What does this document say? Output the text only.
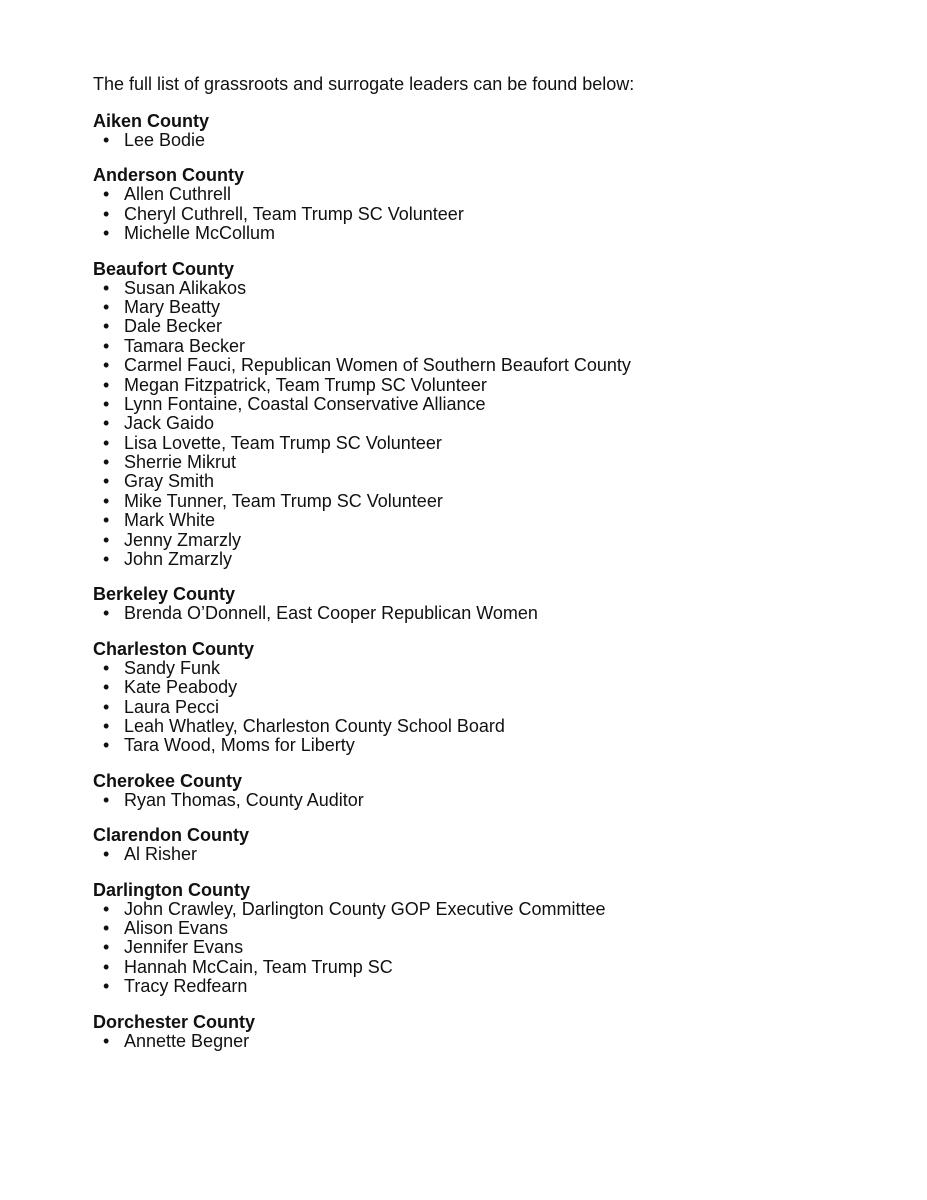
The full list of grassroots and surrogate leaders can be found below:

Aiken County

• Lee Bodie

Anderson County

• Allen Cuthrell
• Cheryl Cuthrell, Team Trump SC Volunteer
• Michelle McCollum

Beaufort County

• Susan Alikakos
• Mary Beatty
• Dale Becker
• Tamara Becker
• Carmel Fauci, Republican Women of Southern Beaufort County
• Megan Fitzpatrick, Team Trump SC Volunteer
• Lynn Fontaine, Coastal Conservative Alliance
• Jack Gaido
• Lisa Lovette, Team Trump SC Volunteer
• Sherrie Mikrut
• Gray Smith
• Mike Tunner, Team Trump SC Volunteer
• Mark White
• Jenny Zmarzly
• John Zmarzly

Berkeley County

• Brenda O’Donnell, East Cooper Republican Women

Charleston County

• Sandy Funk
• Kate Peabody
• Laura Pecci
• Leah Whatley, Charleston County School Board
• Tara Wood, Moms for Liberty

Cherokee County

• Ryan Thomas, County Auditor

Clarendon County

• Al Risher

Darlington County

• John Crawley, Darlington County GOP Executive Committee
• Alison Evans
• Jennifer Evans
• Hannah McCain, Team Trump SC
• Tracy Redfearn

Dorchester County

• Annette Begner
